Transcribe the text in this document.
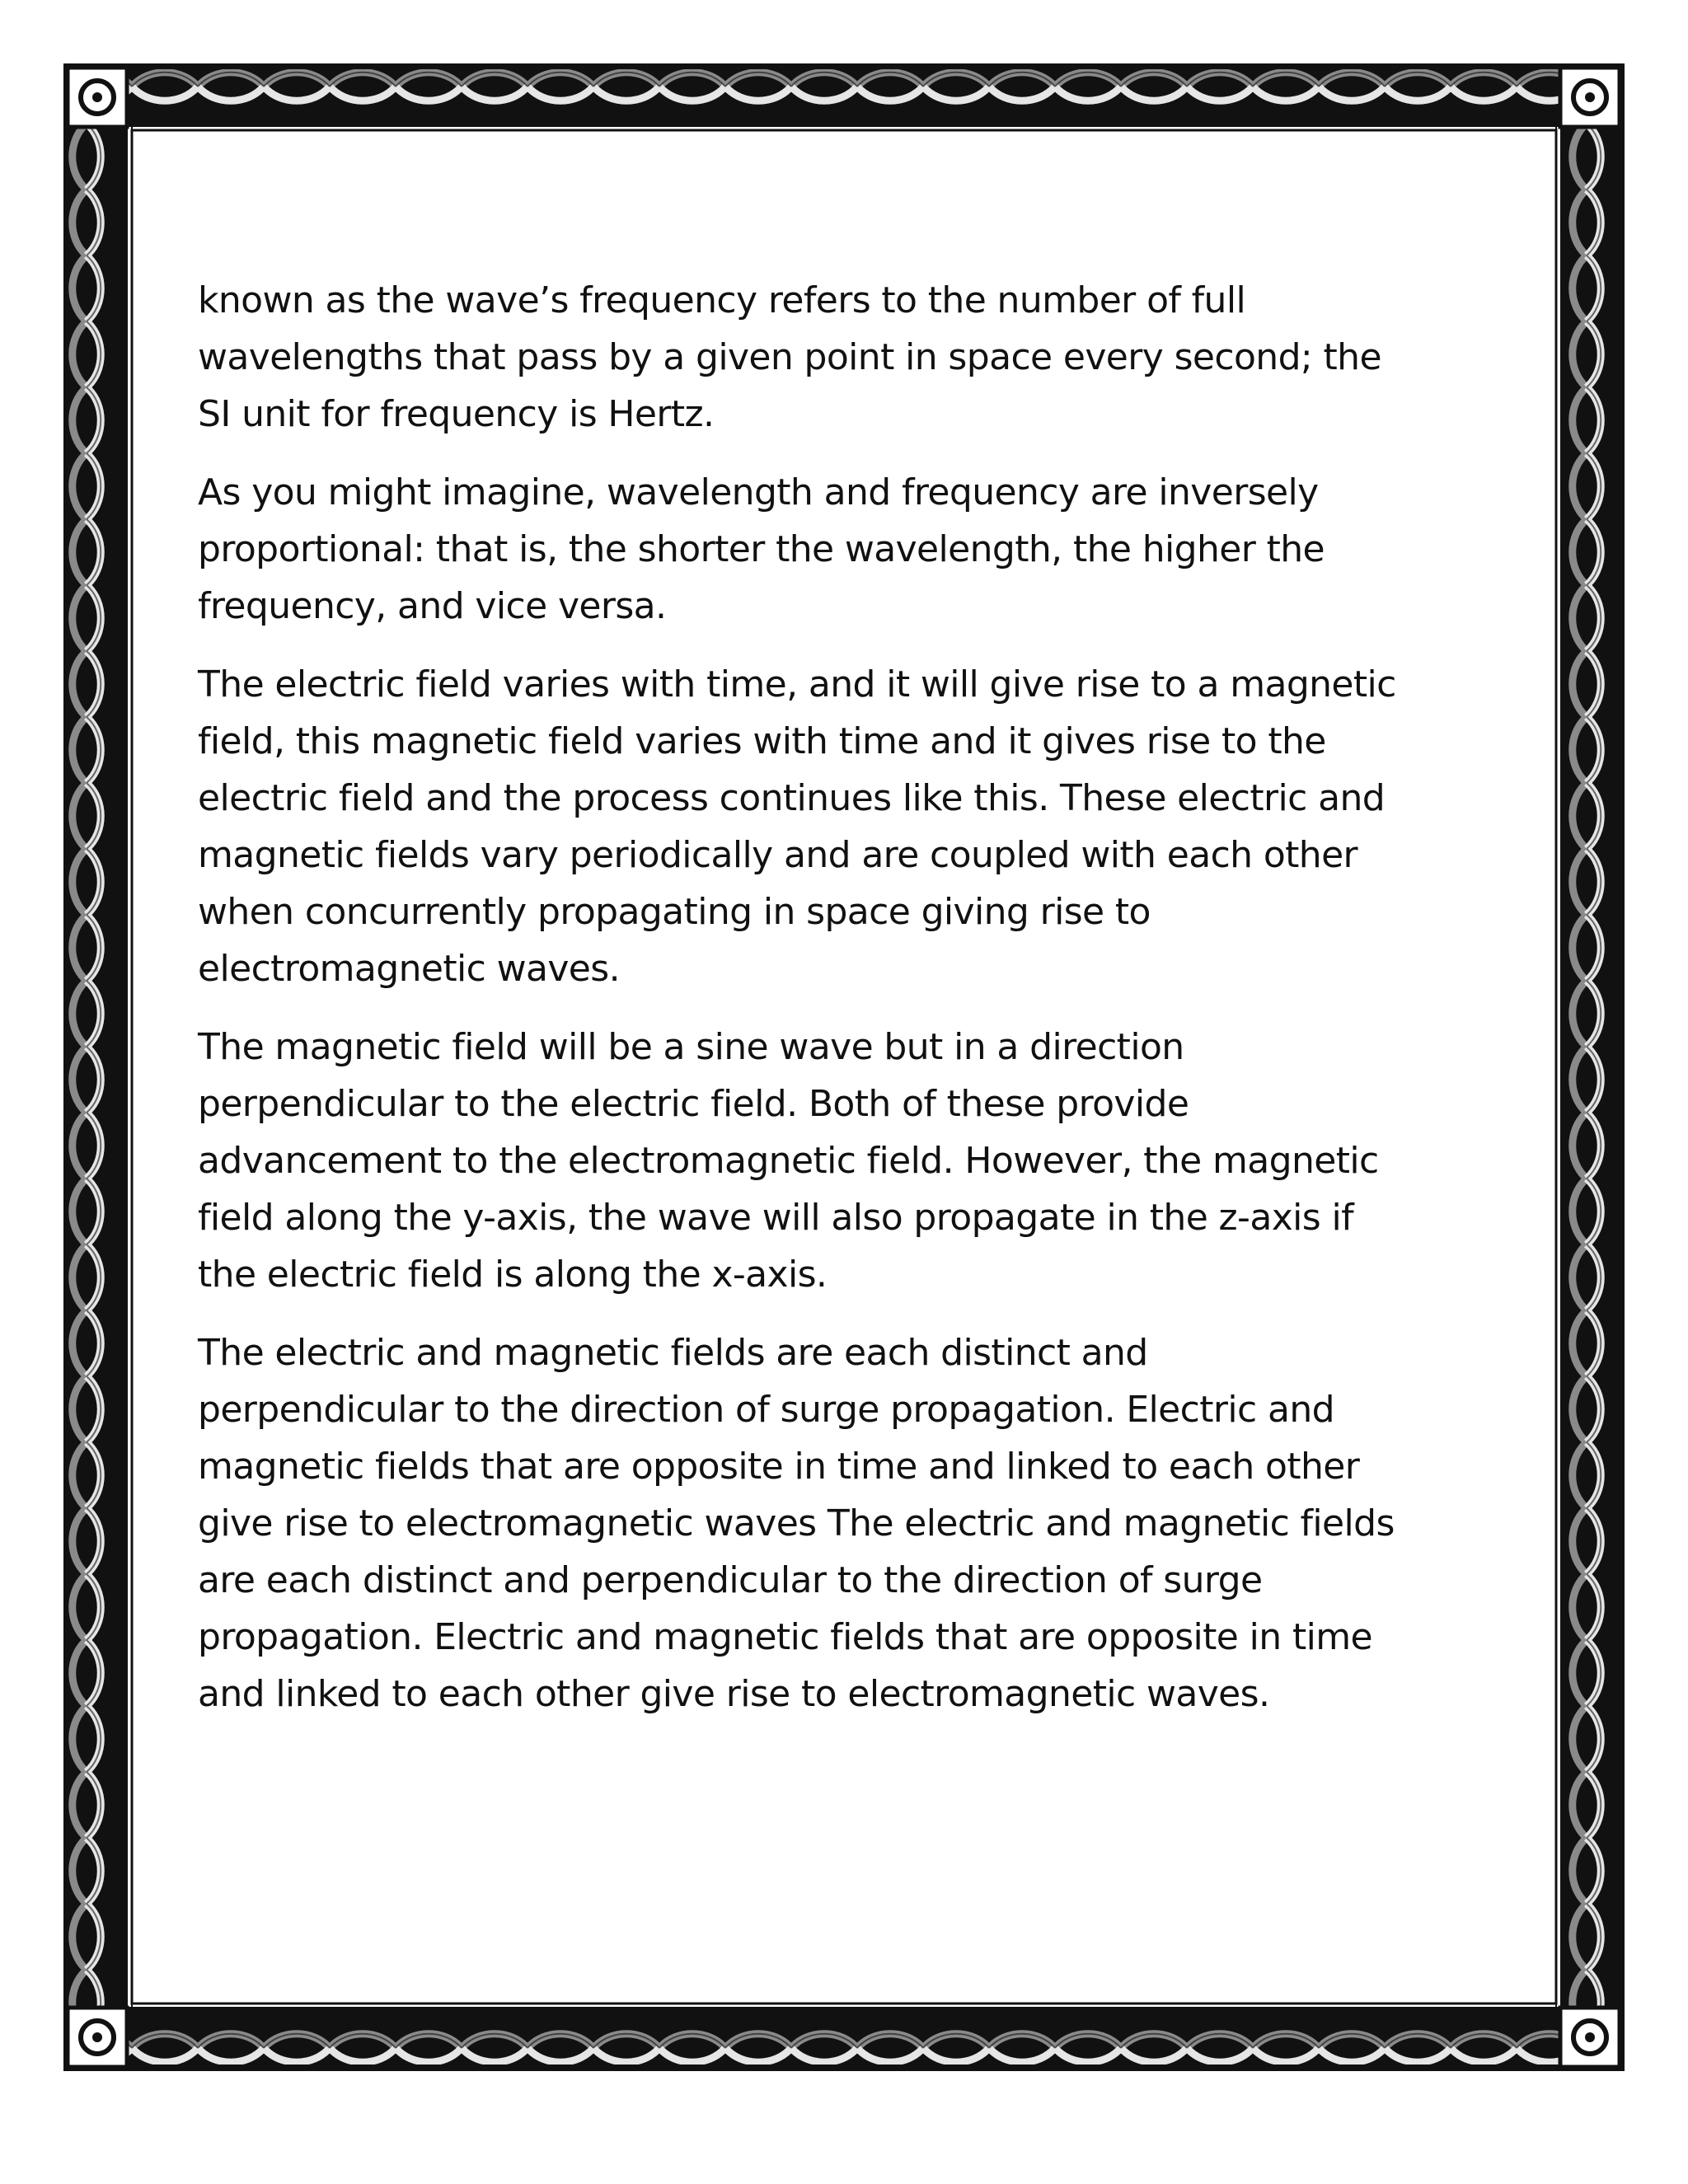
known as the wave’s frequency refers to the number of full
wavelengths that pass by a given point in space every second; the
SI unit for frequency is Hertz.

As you might imagine, wavelength and frequency are inversely
proportional: that is, the shorter the wavelength, the higher the
frequency, and vice versa.

The electric field varies with time, and it will give rise to a magnetic
field, this magnetic field varies with time and it gives rise to the
electric field and the process continues like this. These electric and
magnetic fields vary periodically and are coupled with each other
when concurrently propagating in space giving rise to
electromagnetic waves.

The magnetic field will be a sine wave but in a direction
perpendicular to the electric field. Both of these provide
advancement to the electromagnetic field. However, the magnetic
field along the y-axis, the wave will also propagate in the z-axis if
the electric field is along the x-axis.

The electric and magnetic fields are each distinct and
perpendicular to the direction of surge propagation. Electric and
magnetic fields that are opposite in time and linked to each other
give rise to electromagnetic waves The electric and magnetic fields
are each distinct and perpendicular to the direction of surge
propagation. Electric and magnetic fields that are opposite in time
and linked to each other give rise to electromagnetic waves.
